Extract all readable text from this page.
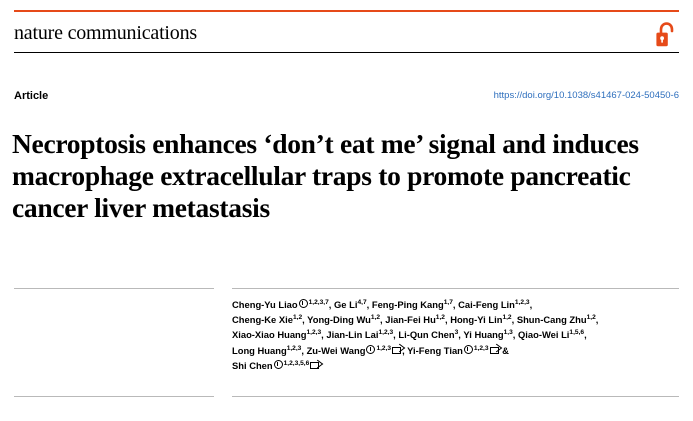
nature communications
Article	https://doi.org/10.1038/s41467-024-50450-6
Necroptosis enhances ‘don’t eat me’ signal and induces macrophage extracellular traps to promote pancreatic cancer liver metastasis
Cheng-Yu Liao $^{1,2,3,7}$, Ge Li$^{4,7}$, Feng-Ping Kang$^{1,7}$, Cai-Feng Lin$^{1,2,3}$,
Cheng-Ke Xie$^{1,2}$, Yong-Ding Wu$^{1,2}$, Jian-Fei Hu$^{1,2}$, Hong-Yi Lin$^{1,2}$, Shun-Cang Zhu$^{1,2}$,
Xiao-Xiao Huang$^{1,2,3}$, Jian-Lin Lai$^{1,2,3}$, Li-Qun Chen$^3$, Yi Huang$^{1,3}$, Qiao-Wei Li$^{1,5,6}$,
Long Huang$^{1,2,3}$, Zu-Wei Wang $^{1,2,3}$ , Yi-Feng Tian $^{1,2,3}$ &
Shi Chen $^{1,2,3,5,6}$
